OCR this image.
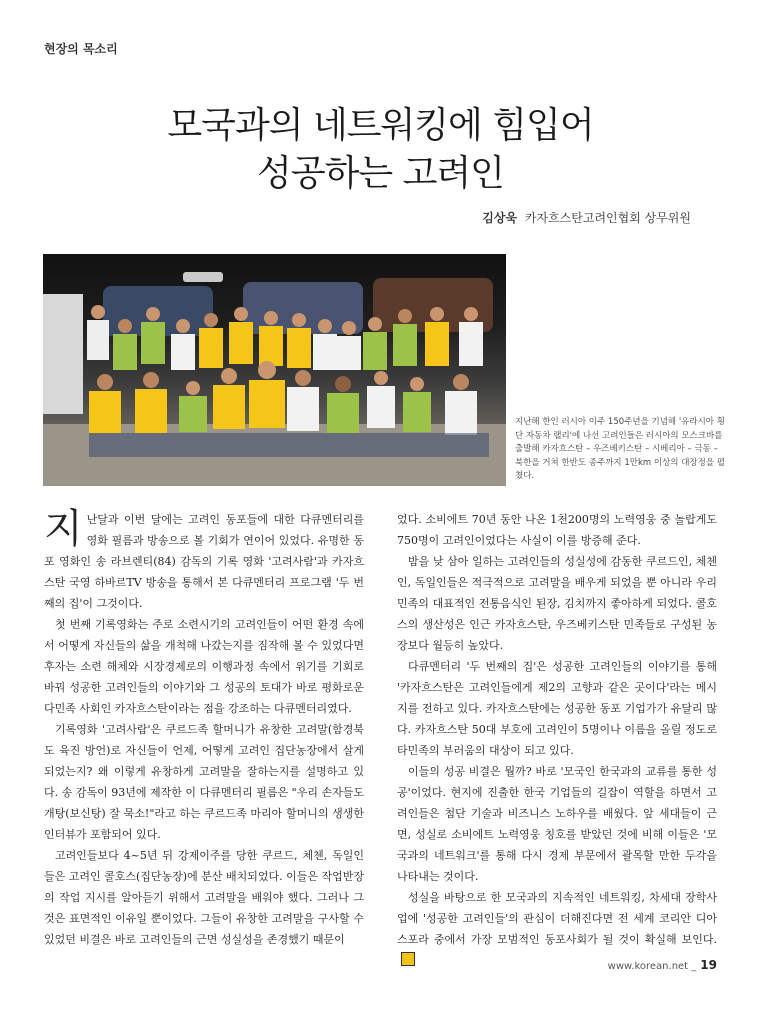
현장의 목소리
모국과의 네트워킹에 힘입어
성공하는 고려인
김상욱 카자흐스탄고려인협회 상무위원
지난해 한인 러시아 이주 150주년을 기념해 '유라시아 횡단 자동차 랠리'에 나선 고려인들은 러시아의 모스크바를 출발해 카자흐스탄 – 우즈베키스탄 – 시베리아 – 극동 – 북한을 거쳐 한반도 종주까지 1만km 이상의 대장정을 펼쳤다.

지난달과 이번 달에는 고려인 동포들에 대한 다큐멘터리를 영화 필름과 방송으로 볼 기회가 연이어 있었다. 유명한 동포 영화인 송 라브렌티(84) 감독의 기록 영화 '고려사람'과 카자흐스탄 국영 하바르TV 방송을 통해서 본 다큐멘터리 프로그램 '두 번째의 집'이 그것이다.

첫 번째 기록영화는 주로 소련시기의 고려인들이 어떤 환경 속에서 어떻게 자신들의 삶을 개척해 나갔는지를 짐작해 볼 수 있었다면 후자는 소련 해체와 시장경제로의 이행과정 속에서 위기를 기회로 바꿔 성공한 고려인들의 이야기와 그 성공의 토대가 바로 평화로운 다민족 사회인 카자흐스탄이라는 점을 강조하는 다큐멘터리였다.

기록영화 '고려사람'은 쿠르드족 할머니가 유창한 고려말(함경북도 육진 방언)로 자신들이 언제, 어떻게 고려인 집단농장에서 살게 되었는지? 왜 이렇게 유창하게 고려말을 잘하는지를 설명하고 있다. 송 감독이 93년에 제작한 이 다큐멘터리 필름은 "우리 손자들도 개탕(보신탕) 잘 묵소!"라고 하는 쿠르드족 마리아 할머니의 생생한 인터뷰가 포함되어 있다.

고려인들보다 4~5년 뒤 강제이주를 당한 쿠르드, 체첸, 독일인들은 고려인 콜호스(집단농장)에 분산 배치되었다. 이들은 작업반장의 작업 지시를 알아듣기 위해서 고려말을 배워야 했다. 그러나 그것은 표면적인 이유일 뿐이었다. 그들이 유창한 고려말을 구사할 수 있었던 비결은 바로 고려인들의 근면 성실성을 존경했기 때문이

었다. 소비에트 70년 동안 나온 1천200명의 노력영웅 중 놀랍게도 750명이 고려인이었다는 사실이 이를 방증해 준다.

밤을 낮 삼아 일하는 고려인들의 성실성에 감동한 쿠르드인, 체첸인, 독일인들은 적극적으로 고려말을 배우게 되었을 뿐 아니라 우리 민족의 대표적인 전통음식인 된장, 김치까지 좋아하게 되었다. 콜호스의 생산성은 인근 카자흐스탄, 우즈베키스탄 민족들로 구성된 농장보다 월등히 높았다.

다큐멘터리 '두 번째의 집'은 성공한 고려인들의 이야기를 통해 '카자흐스탄은 고려인들에게 제2의 고향과 같은 곳이다'라는 메시지를 전하고 있다. 카자흐스탄에는 성공한 동포 기업가가 유달리 많다. 카자흐스탄 50대 부호에 고려인이 5명이나 이름을 올릴 정도로 타민족의 부러움의 대상이 되고 있다.

이들의 성공 비결은 뭘까? 바로 '모국인 한국과의 교류를 통한 성공'이었다. 현지에 진출한 한국 기업들의 길잡이 역할을 하면서 고려인들은 첨단 기술과 비즈니스 노하우를 배웠다. 앞 세대들이 근면, 성실로 소비에트 노력영웅 칭호를 받았던 것에 비해 이들은 '모국과의 네트워크'를 통해 다시 경제 부문에서 괄목할 만한 두각을 나타내는 것이다.

성실을 바탕으로 한 모국과의 지속적인 네트워킹, 차세대 장학사업에 '성공한 고려인들'의 관심이 더해진다면 전 세계 코리안 디아스포라 중에서 가장 모범적인 동포사회가 될 것이 확실해 보인다.

www.korean.net _ 19
